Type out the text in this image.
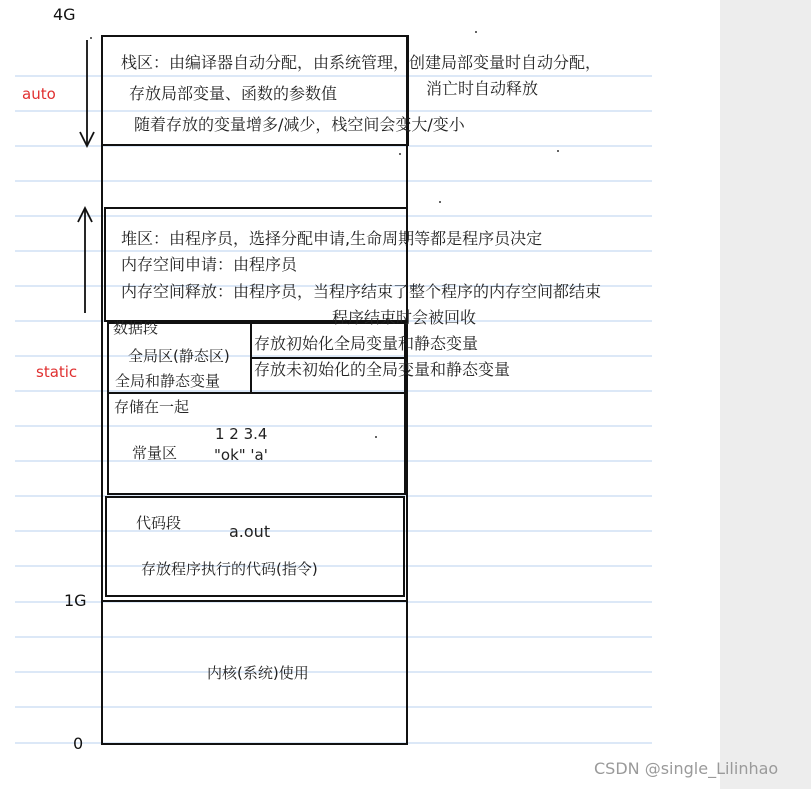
4G
1G
0
auto
static
栈区：由编译器自动分配，由系统管理，创建局部变量时自动分配，
存放局部变量、函数的参数值	消亡时自动释放
随着存放的变量增多/减少，栈空间会变大/变小
堆区：由程序员，选择分配申请,生命周期等都是程序员决定
内存空间申请：由程序员
内存空间释放：由程序员，当程序结束了整个程序的内存空间都结束
程序结束时会被回收
数据段
全局区(静态区)
全局和静态变量
存放初始化全局变量和静态变量
存放未初始化的全局变量和静态变量
存储在一起
1 2 3.4
常量区 "ok" 'a'
代码段	a.out
存放程序执行的代码(指令)
内核(系统)使用
CSDN @single_Lilinhao
